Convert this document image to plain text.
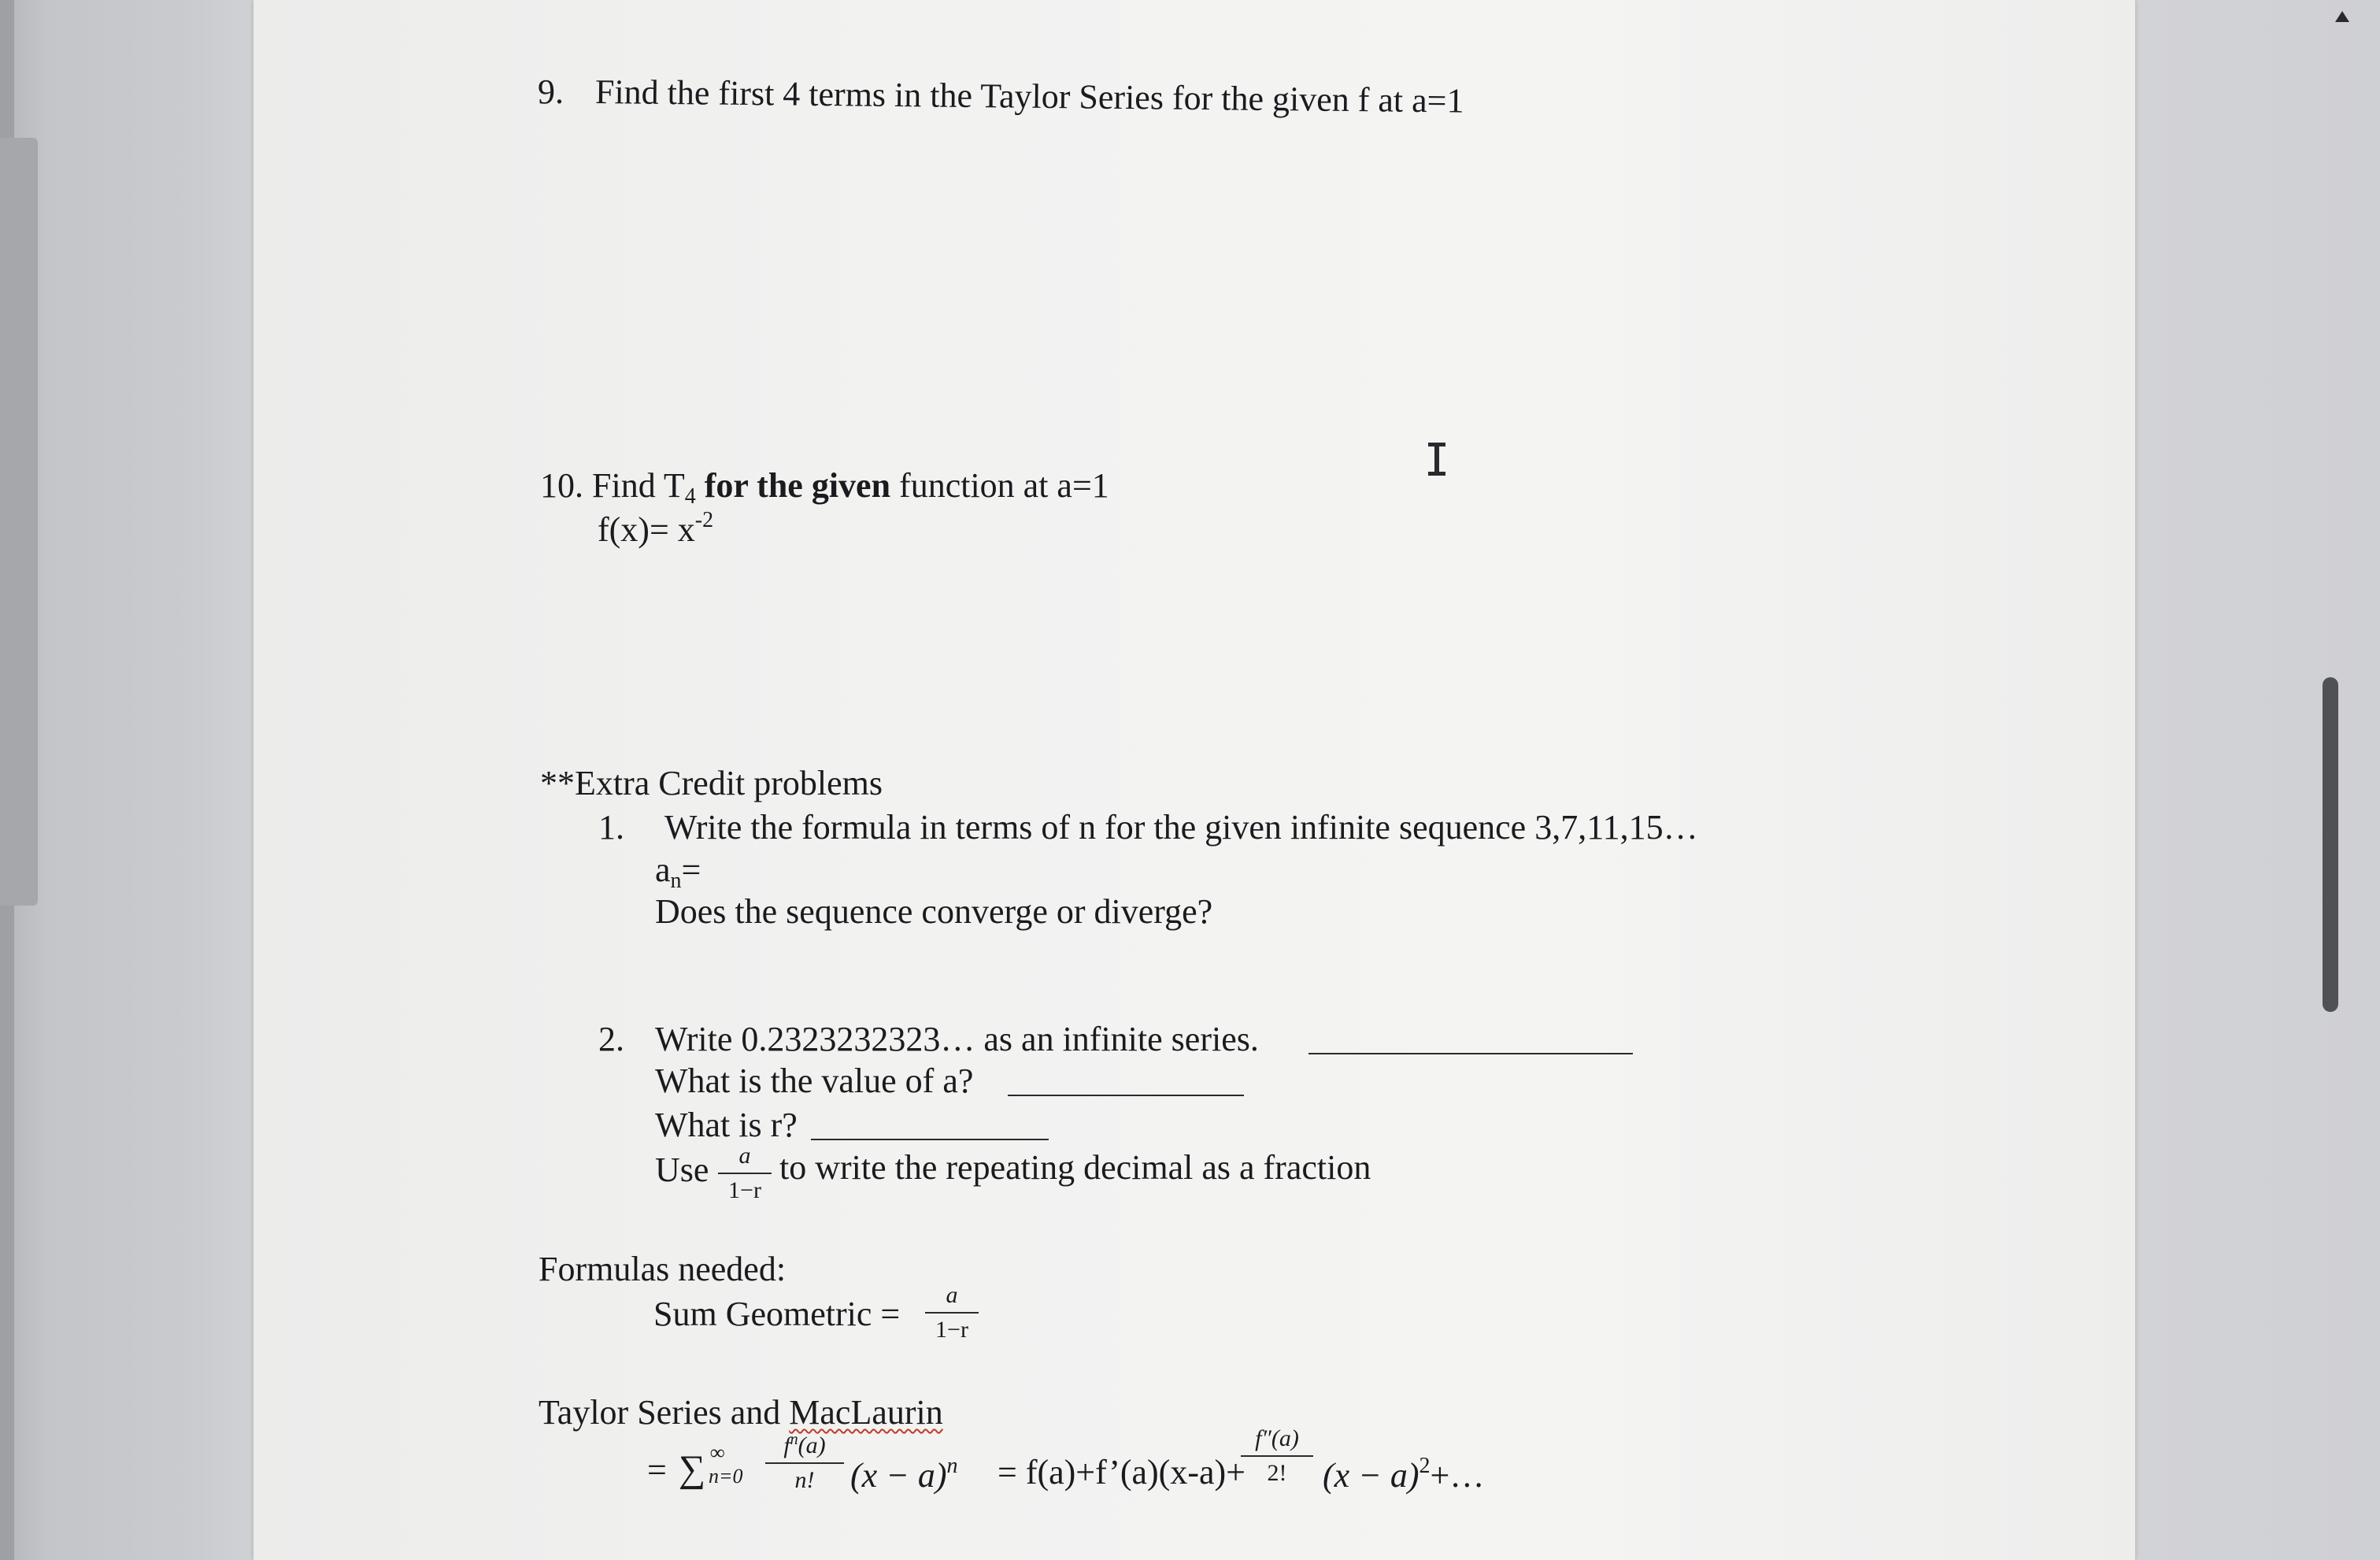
9. Find the first 4 terms in the Taylor Series for the given f at a=1
10. Find $T_4$ for the given function at a=1
$f(x)= x^{-2}$
**Extra Credit problems
1. Write the formula in terms of n for the given infinite sequence 3,7,11,15…
$a_n=$
Does the sequence converge or diverge?
2. Write 0.2323232323… as an infinite series.
What is the value of a?
What is r?
Use	a
1−r
to write the repeating decimal as a fraction
Formulas needed:
Sum Geometric =	a
1−r
Taylor Series and MacLaurin
= ∑ ∞
n=0
$f^n(a)$
n!	$(x - a)^n$ = f(a)+f’(a)(x-a)+
f″(a)
2!	$(x - a)^2+\dots$
